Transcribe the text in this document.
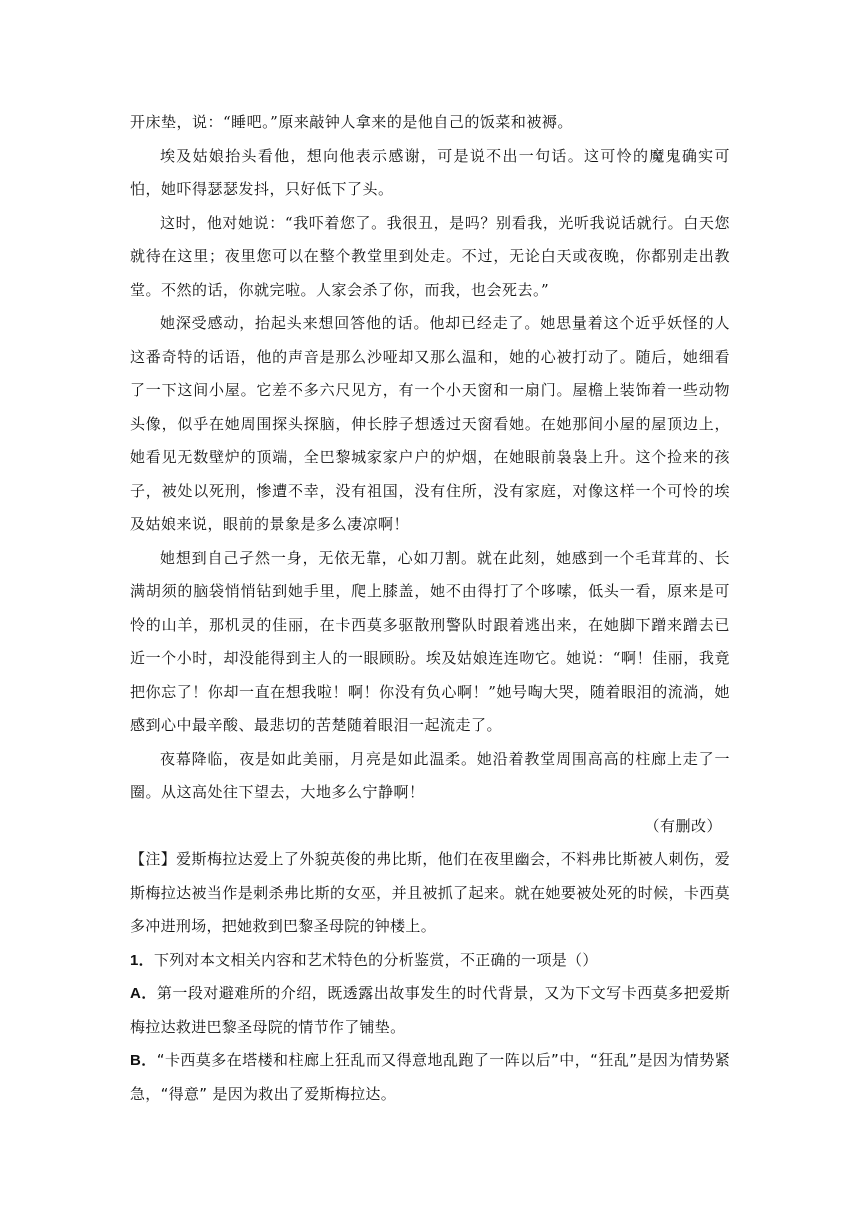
开床垫，说：“睡吧。”原来敲钟人拿来的是他自己的饭菜和被褥。

埃及姑娘抬头看他，想向他表示感谢，可是说不出一句话。这可怜的魔鬼确实可怕，她吓得瑟瑟发抖，只好低下了头。

这时，他对她说：“我吓着您了。我很丑，是吗？别看我，光听我说话就行。白天您就待在这里；夜里您可以在整个教堂里到处走。不过，无论白天或夜晚，你都别走出教堂。不然的话，你就完啦。人家会杀了你，而我，也会死去。”

她深受感动，抬起头来想回答他的话。他却已经走了。她思量着这个近乎妖怪的人这番奇特的话语，他的声音是那么沙哑却又那么温和，她的心被打动了。随后，她细看了一下这间小屋。它差不多六尺见方，有一个小天窗和一扇门。屋檐上装饰着一些动物头像，似乎在她周围探头探脑，伸长脖子想透过天窗看她。在她那间小屋的屋顶边上，她看见无数壁炉的顶端，全巴黎城家家户户的炉烟，在她眼前袅袅上升。这个捡来的孩子，被处以死刑，惨遭不幸，没有祖国，没有住所，没有家庭，对像这样一个可怜的埃及姑娘来说，眼前的景象是多么凄凉啊！

她想到自己孑然一身，无依无靠，心如刀割。就在此刻，她感到一个毛茸茸的、长满胡须的脑袋悄悄钻到她手里，爬上膝盖，她不由得打了个哆嗦，低头一看，原来是可怜的山羊，那机灵的佳丽，在卡西莫多驱散刑警队时跟着逃出来，在她脚下蹭来蹭去已近一个小时，却没能得到主人的一眼顾盼。埃及姑娘连连吻它。她说：“啊！佳丽，我竟把你忘了！你却一直在想我啦！啊！你没有负心啊！”她号啕大哭，随着眼泪的流淌，她感到心中最辛酸、最悲切的苦楚随着眼泪一起流走了。

夜幕降临，夜是如此美丽，月亮是如此温柔。她沿着教堂周围高高的柱廊上走了一圈。从这高处往下望去，大地多么宁静啊！

（有删改）

【注】爱斯梅拉达爱上了外貌英俊的弗比斯，他们在夜里幽会，不料弗比斯被人刺伤，爱斯梅拉达被当作是刺杀弗比斯的女巫，并且被抓了起来。就在她要被处死的时候，卡西莫多冲进刑场，把她救到巴黎圣母院的钟楼上。

1．下列对本文相关内容和艺术特色的分析鉴赏，不正确的一项是（）

A．第一段对避难所的介绍，既透露出故事发生的时代背景，又为下文写卡西莫多把爱斯梅拉达救进巴黎圣母院的情节作了铺垫。

B．“卡西莫多在塔楼和柱廊上狂乱而又得意地乱跑了一阵以后”中，“狂乱”是因为情势紧急，“得意” 是因为救出了爱斯梅拉达。
